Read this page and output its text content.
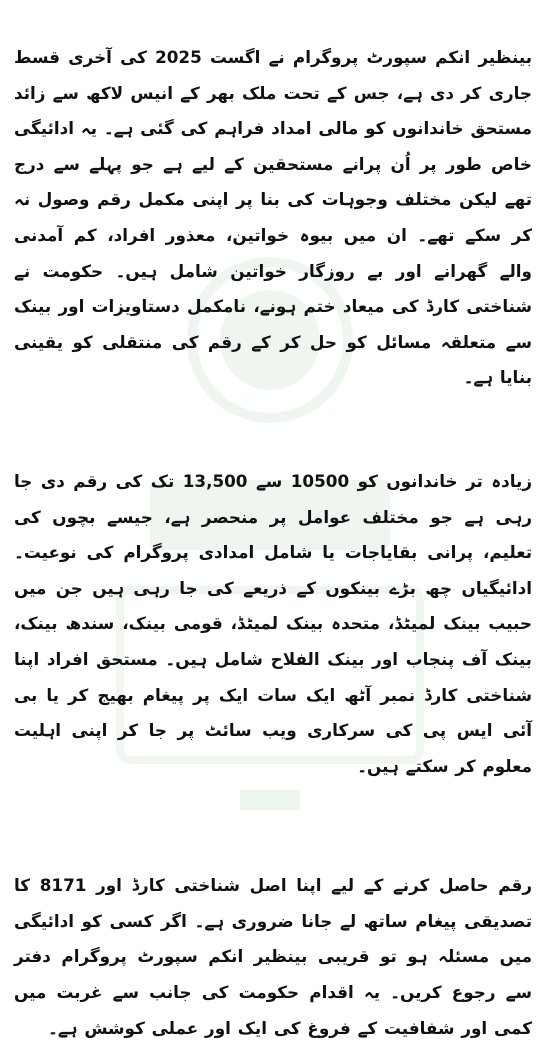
بینظیر انکم سپورٹ پروگرام نے اگست 2025 کی آخری قسط جاری کر دی ہے، جس کے تحت ملک بھر کے انیس لاکھ سے زائد مستحق خاندانوں کو مالی امداد فراہم کی گئی ہے۔ یہ ادائیگی خاص طور پر اُن پرانے مستحقین کے لیے ہے جو پہلے سے درج تھے لیکن مختلف وجوہات کی بنا پر اپنی مکمل رقم وصول نہ کر سکے تھے۔ ان میں بیوہ خواتین، معذور افراد، کم آمدنی والے گھرانے اور بے روزگار خواتین شامل ہیں۔ حکومت نے شناختی کارڈ کی میعاد ختم ہونے، نامکمل دستاویزات اور بینک سے متعلقہ مسائل کو حل کر کے رقم کی منتقلی کو یقینی بنایا ہے۔

زیادہ تر خاندانوں کو 10500 سے 13,500 تک کی رقم دی جا رہی ہے جو مختلف عوامل پر منحصر ہے، جیسے بچوں کی تعلیم، پرانی بقایاجات یا شامل امدادی پروگرام کی نوعیت۔ ادائیگیاں چھ بڑے بینکوں کے ذریعے کی جا رہی ہیں جن میں حبیب بینک لمیٹڈ، متحدہ بینک لمیٹڈ، قومی بینک، سندھ بینک، بینک آف پنجاب اور بینک الفلاح شامل ہیں۔ مستحق افراد اپنا شناختی کارڈ نمبر آٹھ ایک سات ایک پر پیغام بھیج کر یا بی آئی ایس پی کی سرکاری ویب سائٹ پر جا کر اپنی اہلیت معلوم کر سکتے ہیں۔

رقم حاصل کرنے کے لیے اپنا اصل شناختی کارڈ اور 8171 کا تصدیقی پیغام ساتھ لے جانا ضروری ہے۔ اگر کسی کو ادائیگی میں مسئلہ ہو تو قریبی بینظیر انکم سپورٹ پروگرام دفتر سے رجوع کریں۔ یہ اقدام حکومت کی جانب سے غربت میں کمی اور شفافیت کے فروغ کی ایک اور عملی کوشش ہے۔
